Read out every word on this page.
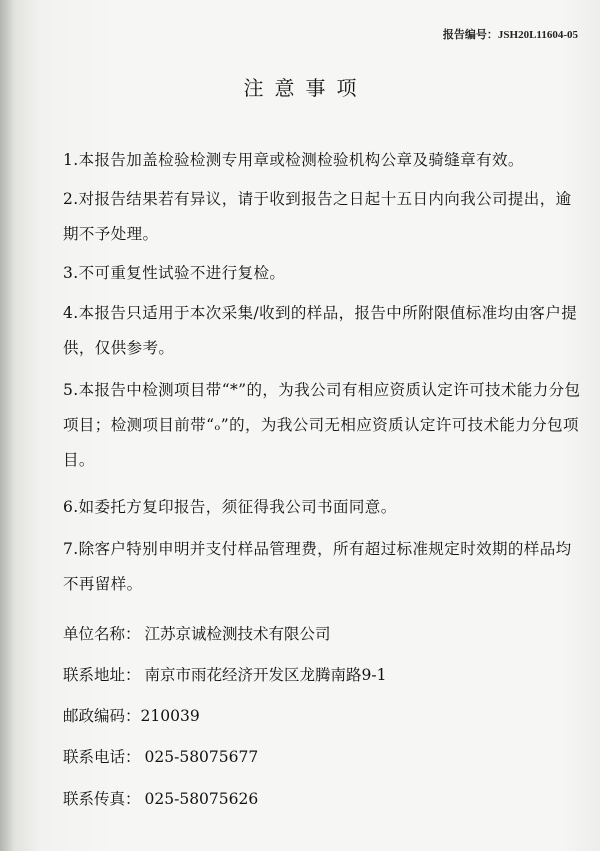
报告编号：JSH20L11604-05
注意事项
1.本报告加盖检验检测专用章或检测检验机构公章及骑缝章有效。
2.对报告结果若有异议，请于收到报告之日起十五日内向我公司提出，逾
期不予处理。
3.不可重复性试验不进行复检。
4.本报告只适用于本次采集/收到的样品，报告中所附限值标准均由客户提
供，仅供参考。
5.本报告中检测项目带“*”的，为我公司有相应资质认定许可技术能力分包
项目；检测项目前带“ₒ”的，为我公司无相应资质认定许可技术能力分包项
目。
6.如委托方复印报告，须征得我公司书面同意。
7.除客户特别申明并支付样品管理费，所有超过标准规定时效期的样品均
不再留样。
单位名称： 江苏京诚检测技术有限公司
联系地址： 南京市雨花经济开发区龙腾南路9-1
邮政编码：210039
联系电话： 025-58075677
联系传真： 025-58075626
